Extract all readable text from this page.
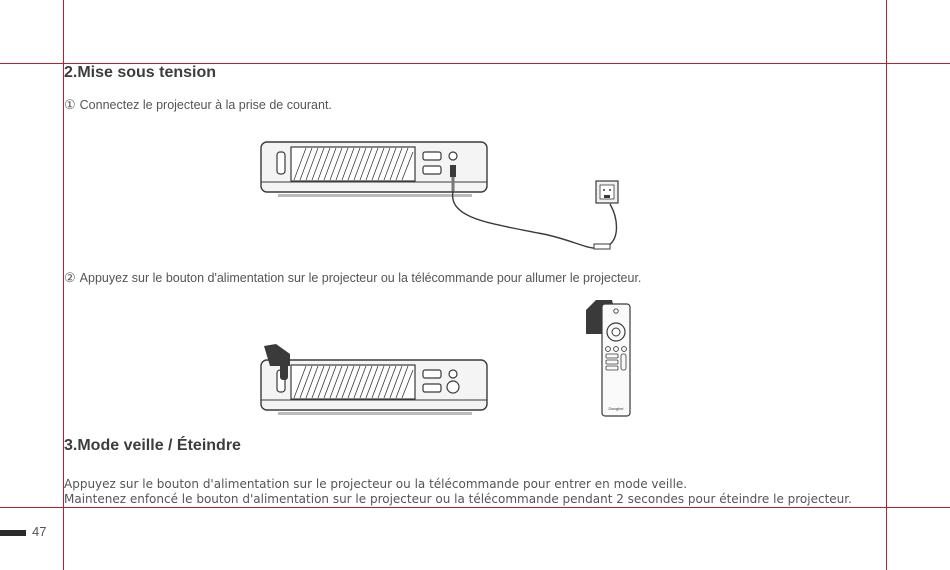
2.Mise sous tension
① Connectez le projecteur à la prise de courant.
② Appuyez sur le bouton d'alimentation sur le projecteur ou la télécommande pour allumer le projecteur.
Dangbei
3.Mode veille / Éteindre
Appuyez sur le bouton d'alimentation sur le projecteur ou la télécommande pour entrer en mode veille.
Maintenez enfoncé le bouton d'alimentation sur le projecteur ou la télécommande pendant 2 secondes pour éteindre le projecteur.
47
